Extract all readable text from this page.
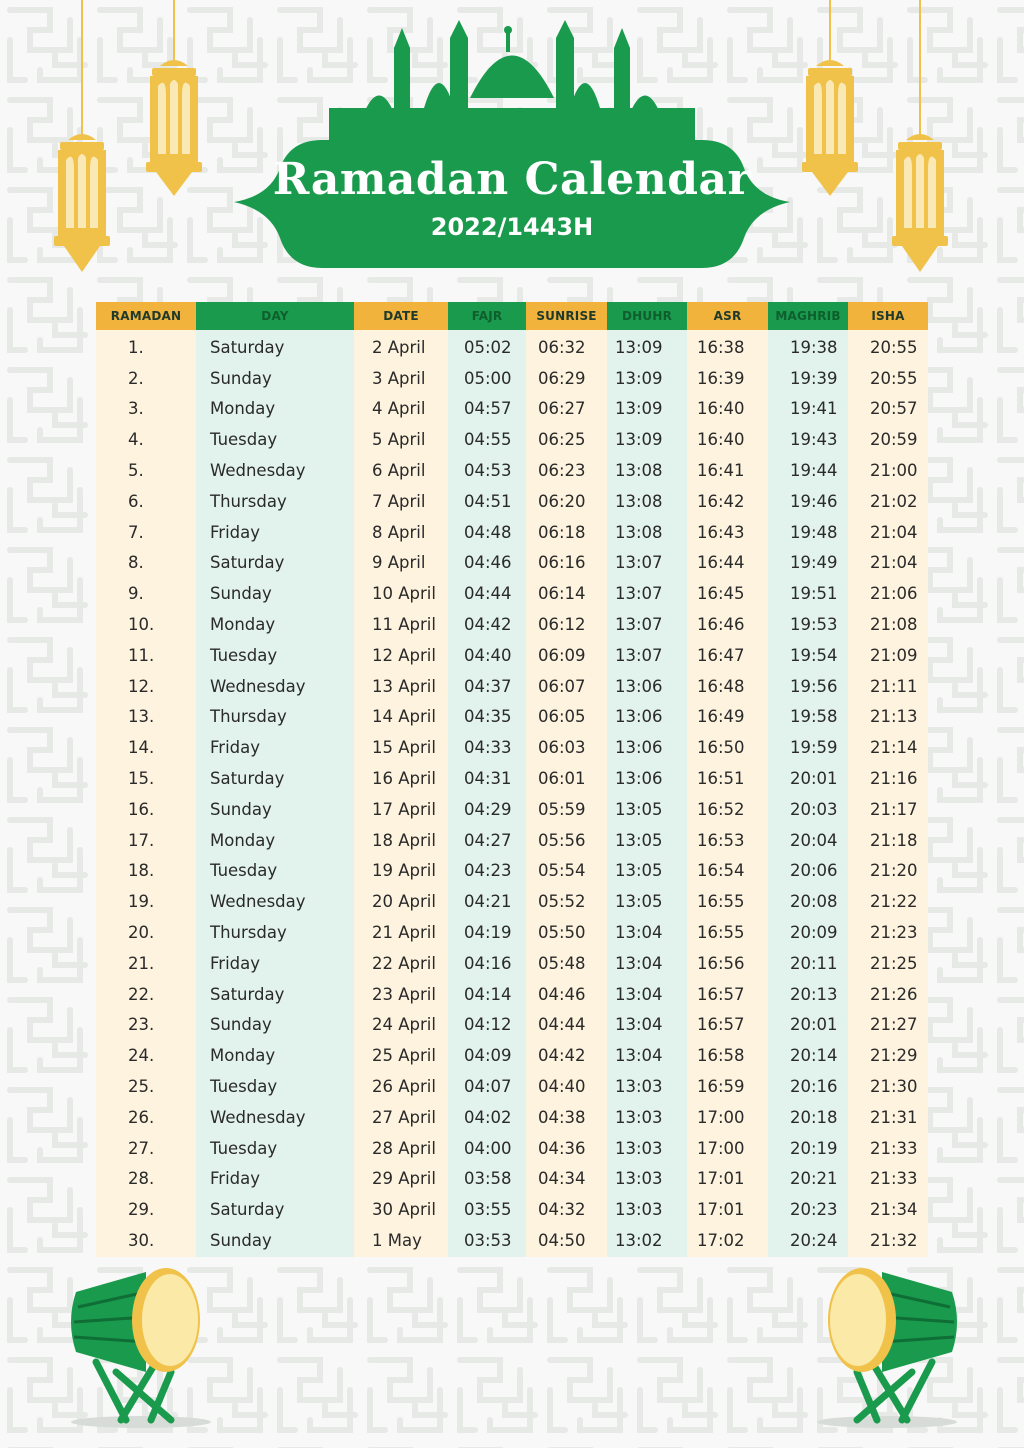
Ramadan Calendar
2022/1443H
RAMADAN	DAY	DATE	FAJR	SUNRISE	DHUHR	ASR	MAGHRIB	ISHA
1.	Saturday	2 April	05:02	06:32	13:09	16:38	19:38	20:55
2.	Sunday	3 April	05:00	06:29	13:09	16:39	19:39	20:55
3.	Monday	4 April	04:57	06:27	13:09	16:40	19:41	20:57
4.	Tuesday	5 April	04:55	06:25	13:09	16:40	19:43	20:59
5.	Wednesday	6 April	04:53	06:23	13:08	16:41	19:44	21:00
6.	Thursday	7 April	04:51	06:20	13:08	16:42	19:46	21:02
7.	Friday	8 April	04:48	06:18	13:08	16:43	19:48	21:04
8.	Saturday	9 April	04:46	06:16	13:07	16:44	19:49	21:04
9.	Sunday	10 April	04:44	06:14	13:07	16:45	19:51	21:06
10.	Monday	11 April	04:42	06:12	13:07	16:46	19:53	21:08
11.	Tuesday	12 April	04:40	06:09	13:07	16:47	19:54	21:09
12.	Wednesday	13 April	04:37	06:07	13:06	16:48	19:56	21:11
13.	Thursday	14 April	04:35	06:05	13:06	16:49	19:58	21:13
14.	Friday	15 April	04:33	06:03	13:06	16:50	19:59	21:14
15.	Saturday	16 April	04:31	06:01	13:06	16:51	20:01	21:16
16.	Sunday	17 April	04:29	05:59	13:05	16:52	20:03	21:17
17.	Monday	18 April	04:27	05:56	13:05	16:53	20:04	21:18
18.	Tuesday	19 April	04:23	05:54	13:05	16:54	20:06	21:20
19.	Wednesday	20 April	04:21	05:52	13:05	16:55	20:08	21:22
20.	Thursday	21 April	04:19	05:50	13:04	16:55	20:09	21:23
21.	Friday	22 April	04:16	05:48	13:04	16:56	20:11	21:25
22.	Saturday	23 April	04:14	04:46	13:04	16:57	20:13	21:26
23.	Sunday	24 April	04:12	04:44	13:04	16:57	20:01	21:27
24.	Monday	25 April	04:09	04:42	13:04	16:58	20:14	21:29
25.	Tuesday	26 April	04:07	04:40	13:03	16:59	20:16	21:30
26.	Wednesday	27 April	04:02	04:38	13:03	17:00	20:18	21:31
27.	Tuesday	28 April	04:00	04:36	13:03	17:00	20:19	21:33
28.	Friday	29 April	03:58	04:34	13:03	17:01	20:21	21:33
29.	Saturday	30 April	03:55	04:32	13:03	17:01	20:23	21:34
30.	Sunday	1 May	03:53	04:50	13:02	17:02	20:24	21:32
